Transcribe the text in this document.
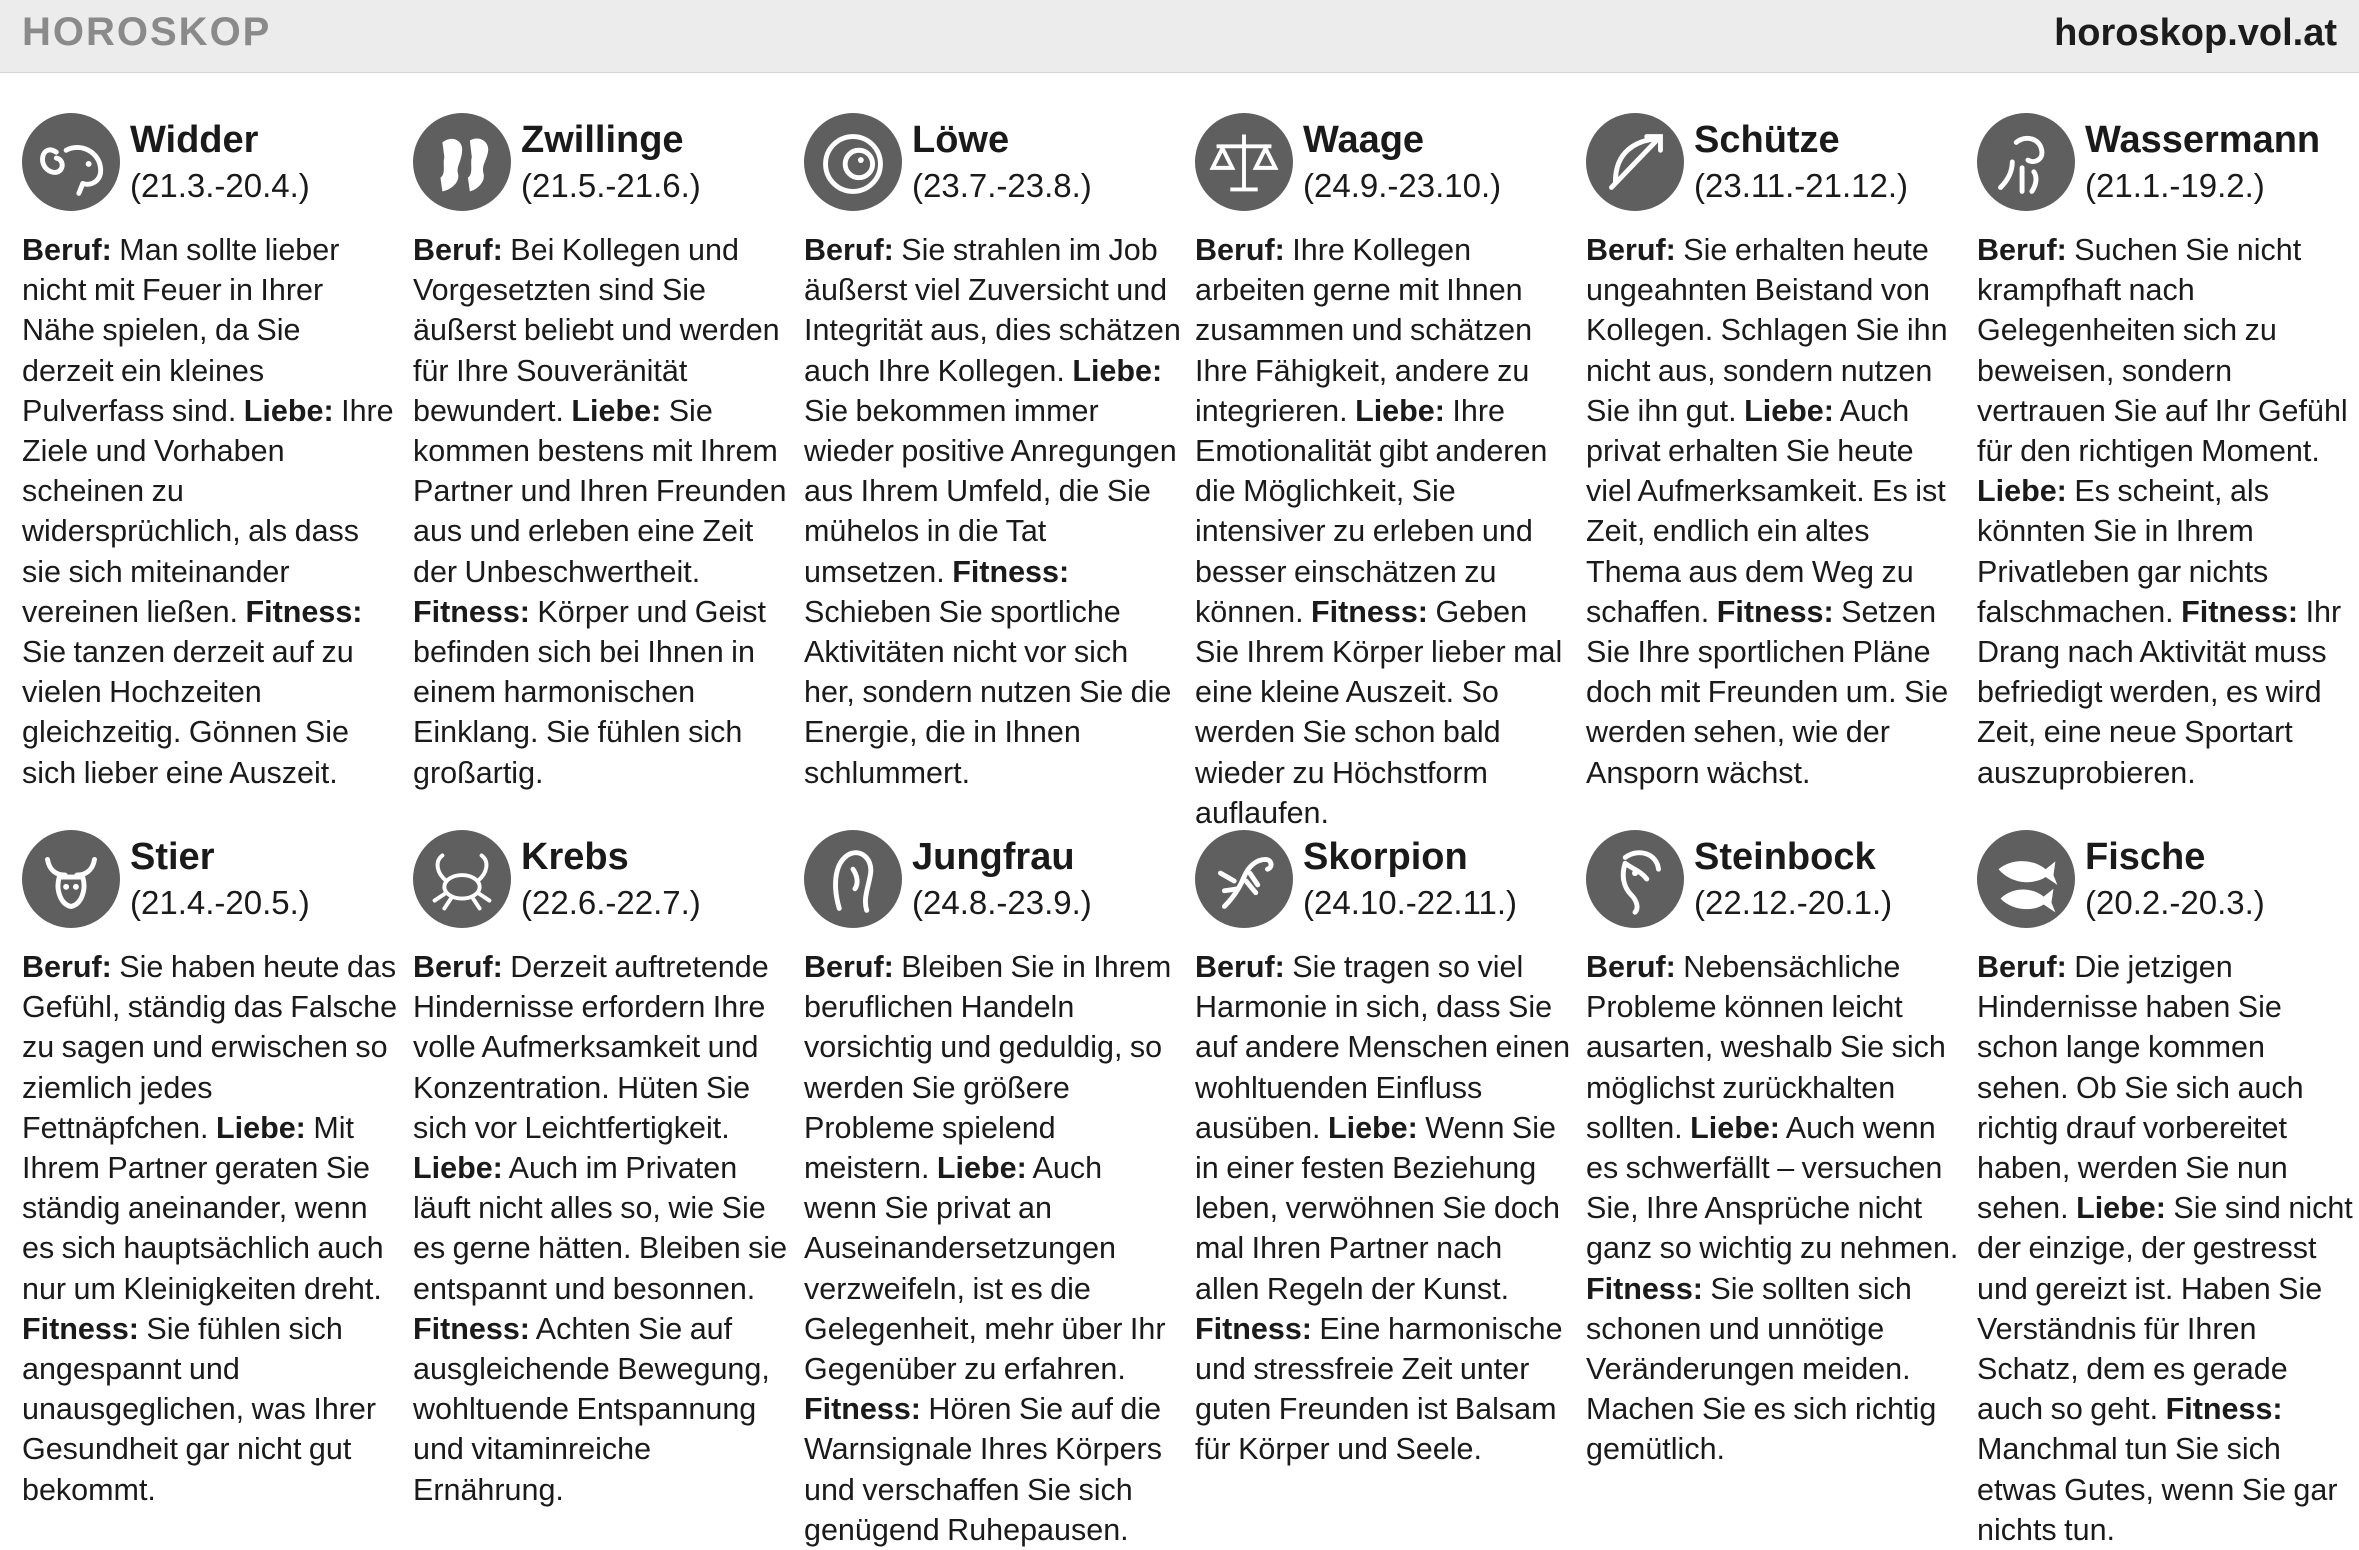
HOROSKOP	horoskop.vol.at
Widder
(21.3.-20.4.)
Beruf: Man sollte lieber nicht mit Feuer in Ihrer Nähe spielen, da Sie derzeit ein kleines Pulverfass sind. Liebe: Ihre Ziele und Vorhaben scheinen zu widersprüchlich, als dass sie sich miteinander vereinen ließen. Fitness: Sie tanzen derzeit auf zu vielen Hochzeiten gleichzeitig. Gönnen Sie sich lieber eine Auszeit.
Zwillinge
(21.5.-21.6.)
Beruf: Bei Kollegen und Vorgesetzten sind Sie äußerst beliebt und werden für Ihre Souveränität bewundert. Liebe: Sie kommen bestens mit Ihrem Partner und Ihren Freunden aus und erleben eine Zeit der Unbeschwertheit. Fitness: Körper und Geist befinden sich bei Ihnen in einem harmonischen Einklang. Sie fühlen sich großartig.
Löwe
(23.7.-23.8.)
Beruf: Sie strahlen im Job äußerst viel Zuversicht und Integrität aus, dies schätzen auch Ihre Kollegen. Liebe: Sie bekommen immer wieder positive Anregungen aus Ihrem Umfeld, die Sie mühelos in die Tat umsetzen. Fitness: Schieben Sie sportliche Aktivitäten nicht vor sich her, sondern nutzen Sie die Energie, die in Ihnen schlummert.
Waage
(24.9.-23.10.)
Beruf: Ihre Kollegen arbeiten gerne mit Ihnen zusammen und schätzen Ihre Fähigkeit, andere zu integrieren. Liebe: Ihre Emotionalität gibt anderen die Möglichkeit, Sie intensiver zu erleben und besser einschätzen zu können. Fitness: Geben Sie Ihrem Körper lieber mal eine kleine Auszeit. So werden Sie schon bald wieder zu Höchstform auflaufen.
Schütze
(23.11.-21.12.)
Beruf: Sie erhalten heute ungeahnten Beistand von Kollegen. Schlagen Sie ihn nicht aus, sondern nutzen Sie ihn gut. Liebe: Auch privat erhalten Sie heute viel Aufmerksamkeit. Es ist Zeit, endlich ein altes Thema aus dem Weg zu schaffen. Fitness: Setzen Sie Ihre sportlichen Pläne doch mit Freunden um. Sie werden sehen, wie der Ansporn wächst.
Wassermann
(21.1.-19.2.)
Beruf: Suchen Sie nicht krampfhaft nach Gelegenheiten sich zu beweisen, sondern vertrauen Sie auf Ihr Gefühl für den richtigen Moment. Liebe: Es scheint, als könnten Sie in Ihrem Privatleben gar nichts falschmachen. Fitness: Ihr Drang nach Aktivität muss befriedigt werden, es wird Zeit, eine neue Sportart auszuprobieren.
Stier
(21.4.-20.5.)
Beruf: Sie haben heute das Gefühl, ständig das Falsche zu sagen und erwischen so ziemlich jedes Fettnäpfchen. Liebe: Mit Ihrem Partner geraten Sie ständig aneinander, wenn es sich hauptsächlich auch nur um Kleinigkeiten dreht. Fitness: Sie fühlen sich angespannt und unausgeglichen, was Ihrer Gesundheit gar nicht gut bekommt.
Krebs
(22.6.-22.7.)
Beruf: Derzeit auftretende Hindernisse erfordern Ihre volle Aufmerksamkeit und Konzentration. Hüten Sie sich vor Leichtfertigkeit. Liebe: Auch im Privaten läuft nicht alles so, wie Sie es gerne hätten. Bleiben sie entspannt und besonnen. Fitness: Achten Sie auf ausgleichende Bewegung, wohltuende Entspannung und vitaminreiche Ernährung.
Jungfrau
(24.8.-23.9.)
Beruf: Bleiben Sie in Ihrem beruflichen Handeln vorsichtig und geduldig, so werden Sie größere Probleme spielend meistern. Liebe: Auch wenn Sie privat an Auseinandersetzungen verzweifeln, ist es die Gelegenheit, mehr über Ihr Gegenüber zu erfahren. Fitness: Hören Sie auf die Warnsignale Ihres Körpers und verschaffen Sie sich genügend Ruhepausen.
Skorpion
(24.10.-22.11.)
Beruf: Sie tragen so viel Harmonie in sich, dass Sie auf andere Menschen einen wohltuenden Einfluss ausüben. Liebe: Wenn Sie in einer festen Beziehung leben, verwöhnen Sie doch mal Ihren Partner nach allen Regeln der Kunst. Fitness: Eine harmonische und stressfreie Zeit unter guten Freunden ist Balsam für Körper und Seele.
Steinbock
(22.12.-20.1.)
Beruf: Nebensächliche Probleme können leicht ausarten, weshalb Sie sich möglichst zurückhalten sollten. Liebe: Auch wenn es schwerfällt – versuchen Sie, Ihre Ansprüche nicht ganz so wichtig zu nehmen. Fitness: Sie sollten sich schonen und unnötige Veränderungen meiden. Machen Sie es sich richtig gemütlich.
Fische
(20.2.-20.3.)
Beruf: Die jetzigen Hindernisse haben Sie schon lange kommen sehen. Ob Sie sich auch richtig drauf vorbereitet haben, werden Sie nun sehen. Liebe: Sie sind nicht der einzige, der gestresst und gereizt ist. Haben Sie Verständnis für Ihren Schatz, dem es gerade auch so geht. Fitness: Manchmal tun Sie sich etwas Gutes, wenn Sie gar nichts tun.
